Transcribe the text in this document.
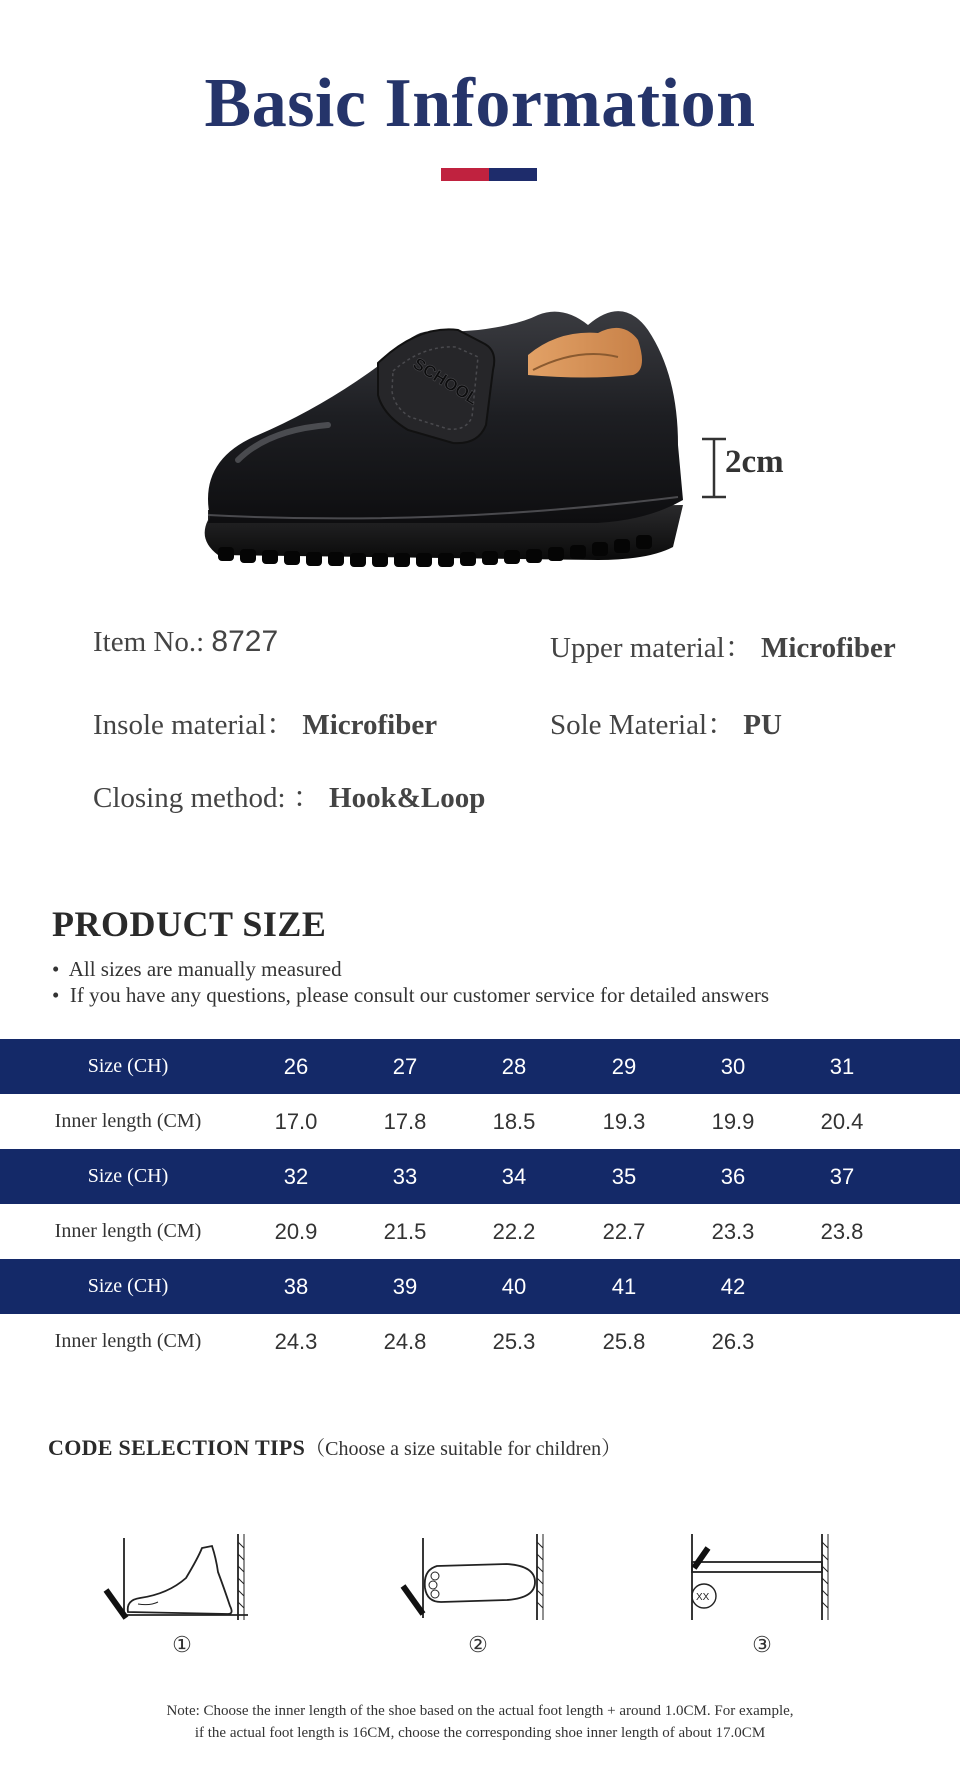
Basic Information
SCHOOL
2cm
Item No.: 8727	Upper material： Microfiber
Insole material： Microfiber	Sole Material： PU
Closing method: ： Hook&Loop
PRODUCT SIZE
•  All sizes are manually measured
•  If you have any questions, please consult our customer service for detailed answers
Size (CH)	26	27	28	29	30	31
Inner length (CM)	17.0	17.8	18.5	19.3	19.9	20.4
Size (CH)	32	33	34	35	36	37
Inner length (CM)	20.9	21.5	22.2	22.7	23.3	23.8
Size (CH)	38	39	40	41	42
Inner length (CM)	24.3	24.8	25.3	25.8	26.3
CODE SELECTION TIPS（Choose a size suitable for children）
①	②
XX
③
Note: Choose the inner length of the shoe based on the actual foot length + around 1.0CM. For example,
if the actual foot length is 16CM, choose the corresponding shoe inner length of about 17.0CM
